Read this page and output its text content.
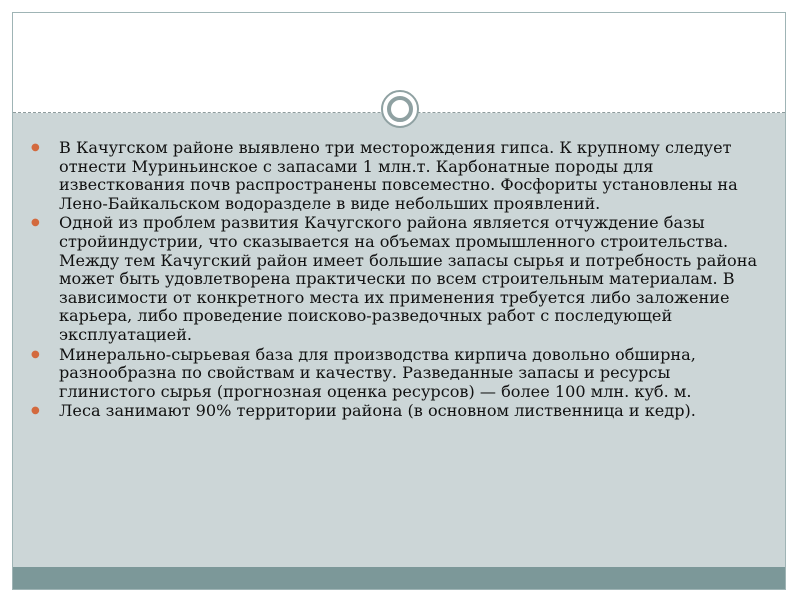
● В Качугском районе выявлено три месторождения гипса. К крупному следует отнести Муриньинское с запасами 1 млн.т. Карбонатные породы для известкования почв распространены повсеместно. Фосфориты установлены на Лено-Байкальском водоразделе в виде небольших проявлений.
● Одной из проблем развития Качугского района является отчуждение базы стройиндустрии, что сказывается на объемах промышленного строительства. Между тем Качугский район имеет большие запасы сырья и потребность района может быть удовлетворена практически по всем строительным материалам. В зависимости от конкретного места их применения требуется либо заложение карьера, либо проведение поисково-разведочных работ с последующей эксплуатацией.
● Минерально-сырьевая база для производства кирпича довольно обширна, разнообразна по свойствам и качеству. Разведанные запасы и ресурсы глинистого сырья (прогнозная оценка ресурсов) — более 100 млн. куб. м.
● Леса занимают 90% территории района (в основном лиственница и кедр).
